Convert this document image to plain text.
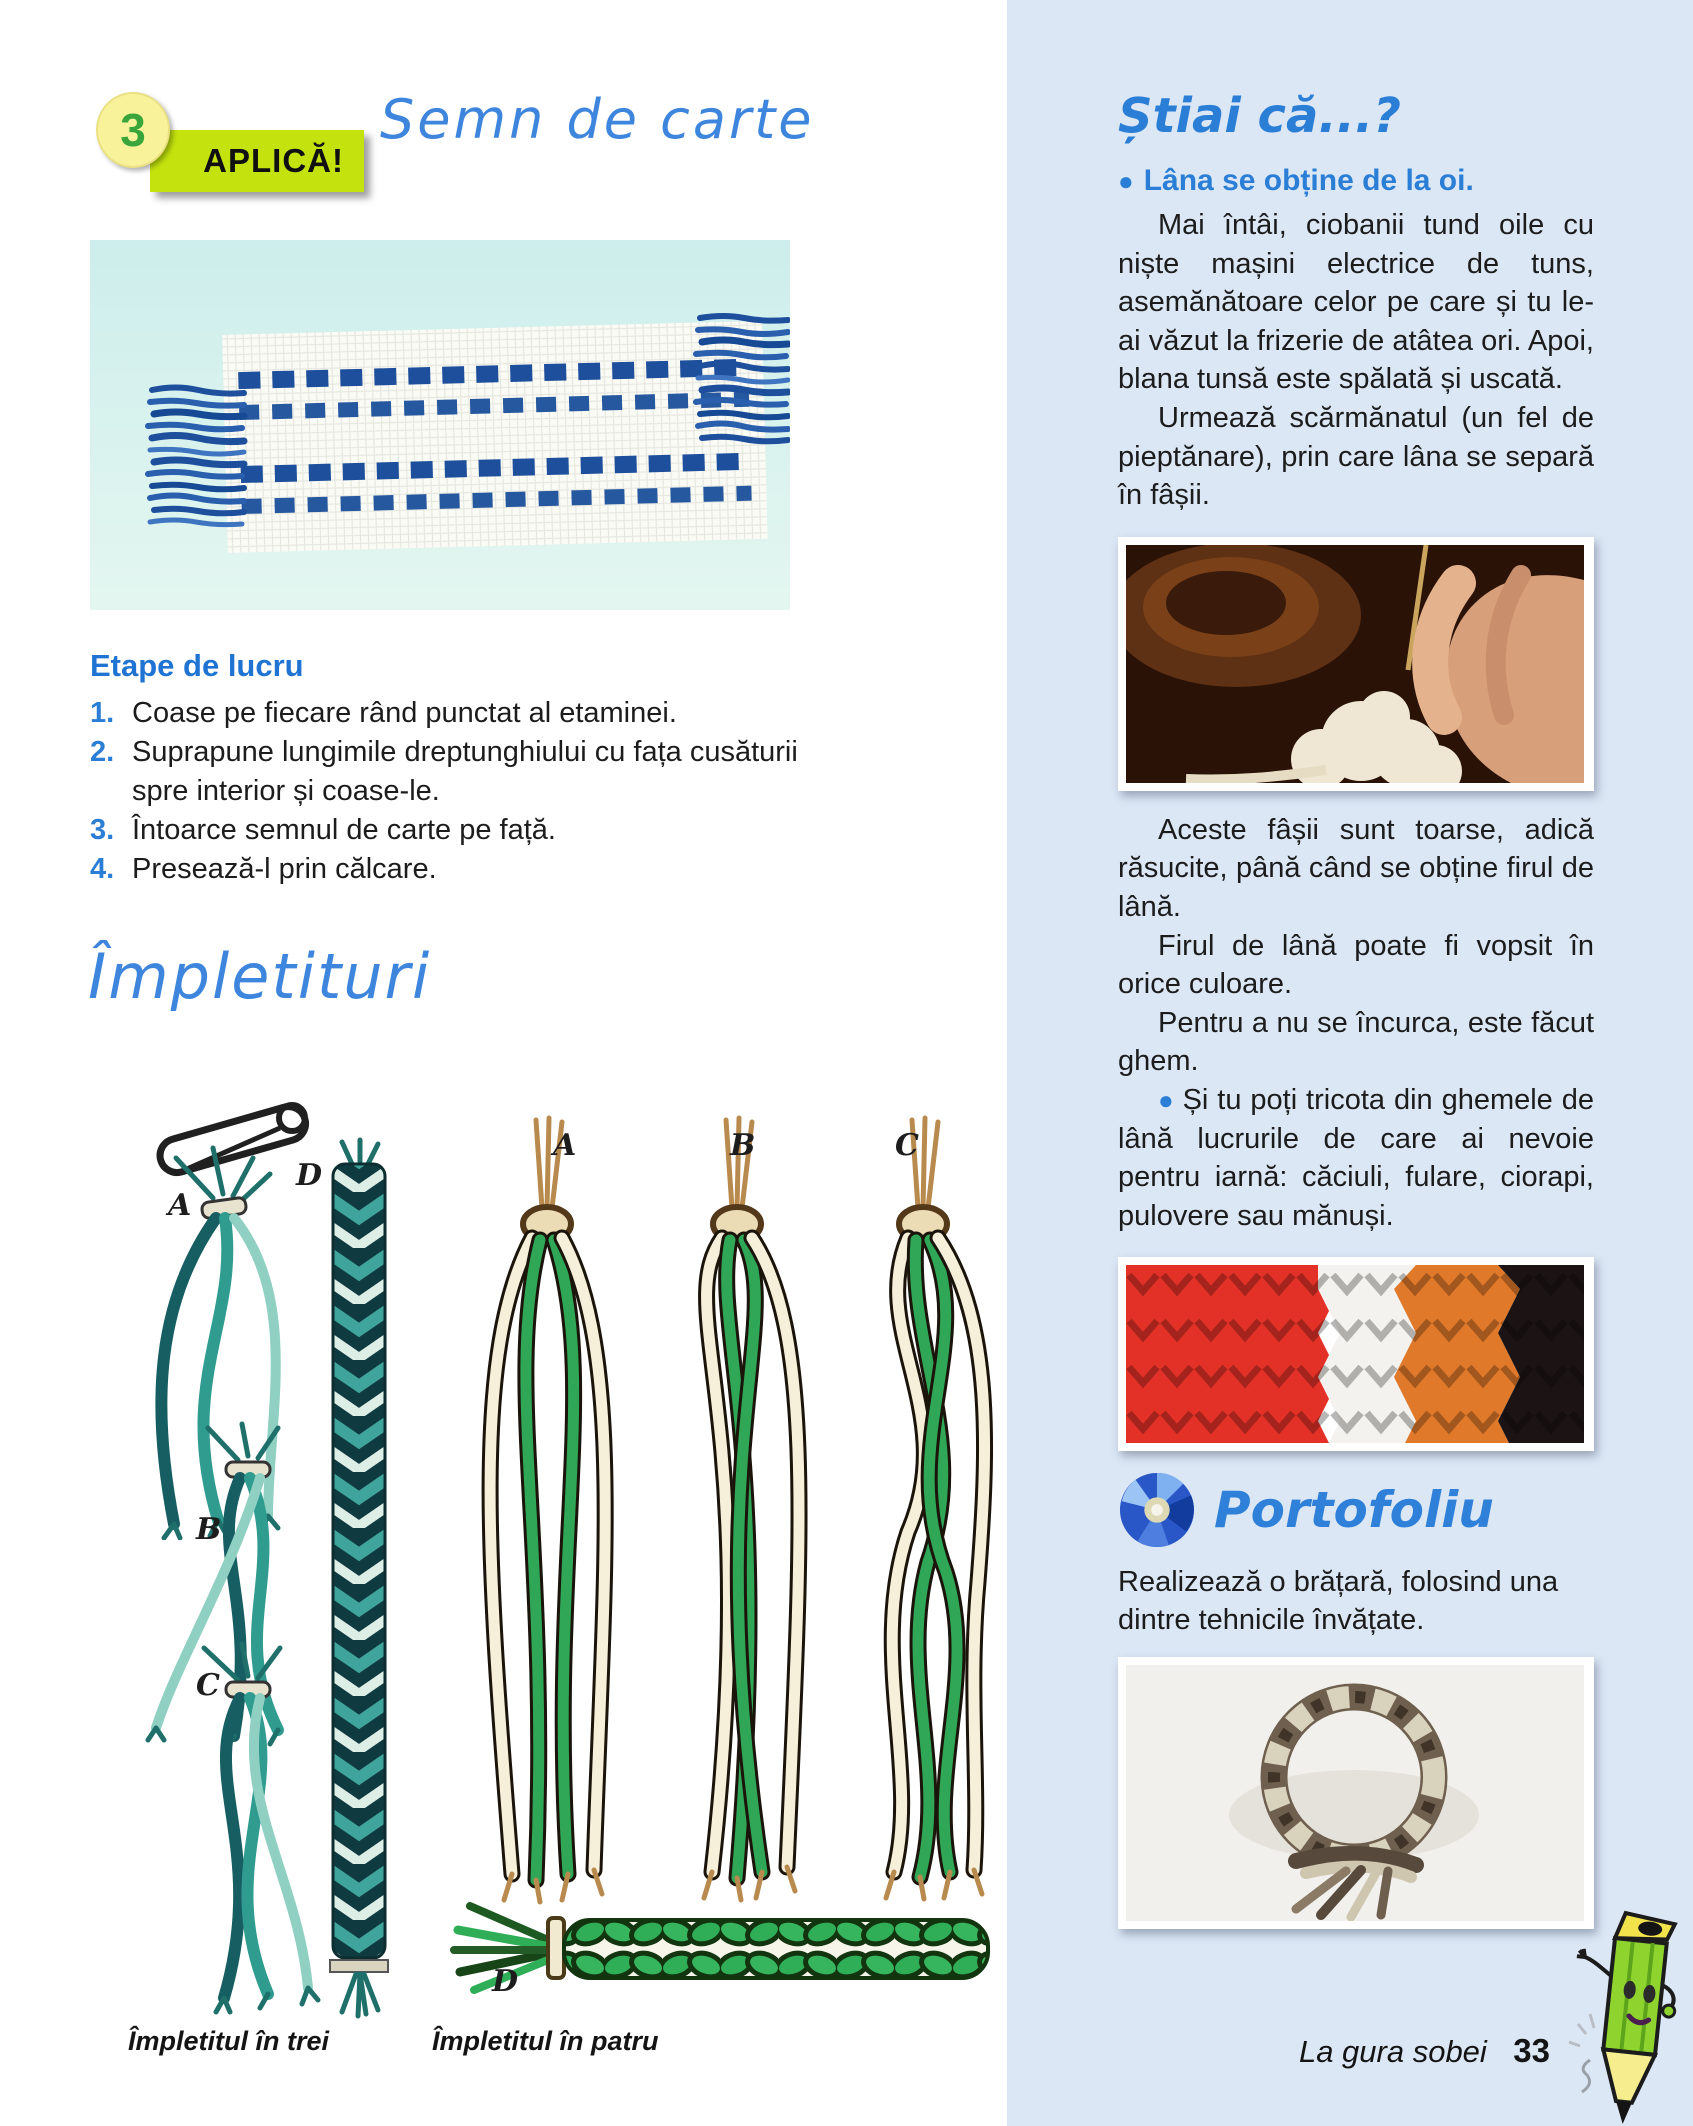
3
APLICĂ!
Semn de carte
Etape de lucru
1. Coase pe fiecare rând punctat al etaminei.
2. Suprapune lungimile dreptunghiului cu fața cusăturii spre interior și coase-le.
3. Întoarce semnul de carte pe față.
4. Presează-l prin călcare.
Împletituri
A
D
B
C
A	B	C
D
Împletitul în trei	Împletitul în patru
Știai că...?
● Lâna se obține de la oi.

Mai întâi, ciobanii tund oile cu niște mașini electrice de tuns, asemănătoare celor pe care și tu le-ai văzut la frizerie de atâtea ori. Apoi, blana tunsă este spălată și uscată.

Urmează scărmănatul (un fel de pieptănare), prin care lâna se separă în fâșii.

Aceste fâșii sunt toarse, adică răsucite, până când se obține firul de lână.

Firul de lână poate fi vopsit în orice culoare.

Pentru a nu se încurca, este făcut ghem.

● Și tu poți tricota din ghemele de lână lucrurile de care ai nevoie pentru iarnă: căciuli, fulare, ciorapi, pulovere sau mănuși.

Portofoliu
Realizează o brățară, folosind una dintre tehnicile învățate.
La gura sobei 33
